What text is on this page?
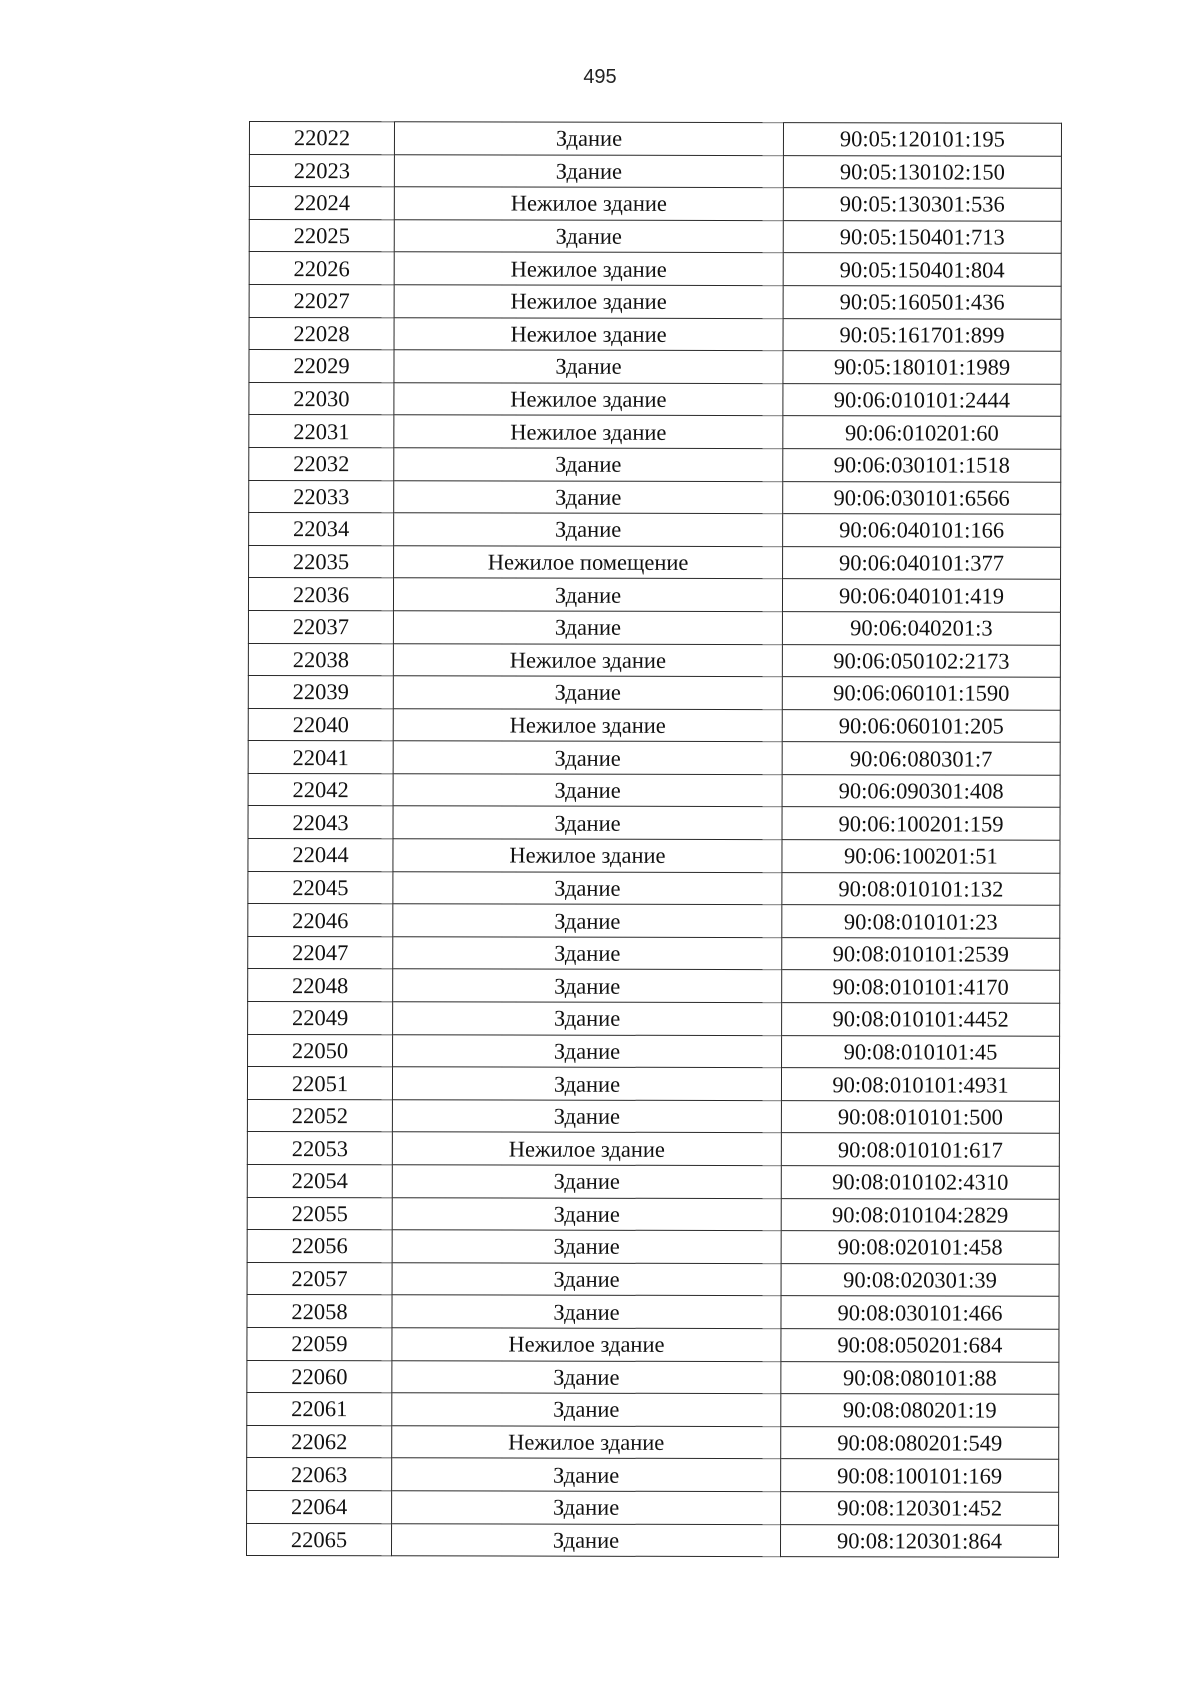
495
22022	Здание	90:05:120101:195
22023	Здание	90:05:130102:150
22024	Нежилое здание	90:05:130301:536
22025	Здание	90:05:150401:713
22026	Нежилое здание	90:05:150401:804
22027	Нежилое здание	90:05:160501:436
22028	Нежилое здание	90:05:161701:899
22029	Здание	90:05:180101:1989
22030	Нежилое здание	90:06:010101:2444
22031	Нежилое здание	90:06:010201:60
22032	Здание	90:06:030101:1518
22033	Здание	90:06:030101:6566
22034	Здание	90:06:040101:166
22035	Нежилое помещение	90:06:040101:377
22036	Здание	90:06:040101:419
22037	Здание	90:06:040201:3
22038	Нежилое здание	90:06:050102:2173
22039	Здание	90:06:060101:1590
22040	Нежилое здание	90:06:060101:205
22041	Здание	90:06:080301:7
22042	Здание	90:06:090301:408
22043	Здание	90:06:100201:159
22044	Нежилое здание	90:06:100201:51
22045	Здание	90:08:010101:132
22046	Здание	90:08:010101:23
22047	Здание	90:08:010101:2539
22048	Здание	90:08:010101:4170
22049	Здание	90:08:010101:4452
22050	Здание	90:08:010101:45
22051	Здание	90:08:010101:4931
22052	Здание	90:08:010101:500
22053	Нежилое здание	90:08:010101:617
22054	Здание	90:08:010102:4310
22055	Здание	90:08:010104:2829
22056	Здание	90:08:020101:458
22057	Здание	90:08:020301:39
22058	Здание	90:08:030101:466
22059	Нежилое здание	90:08:050201:684
22060	Здание	90:08:080101:88
22061	Здание	90:08:080201:19
22062	Нежилое здание	90:08:080201:549
22063	Здание	90:08:100101:169
22064	Здание	90:08:120301:452
22065	Здание	90:08:120301:864
